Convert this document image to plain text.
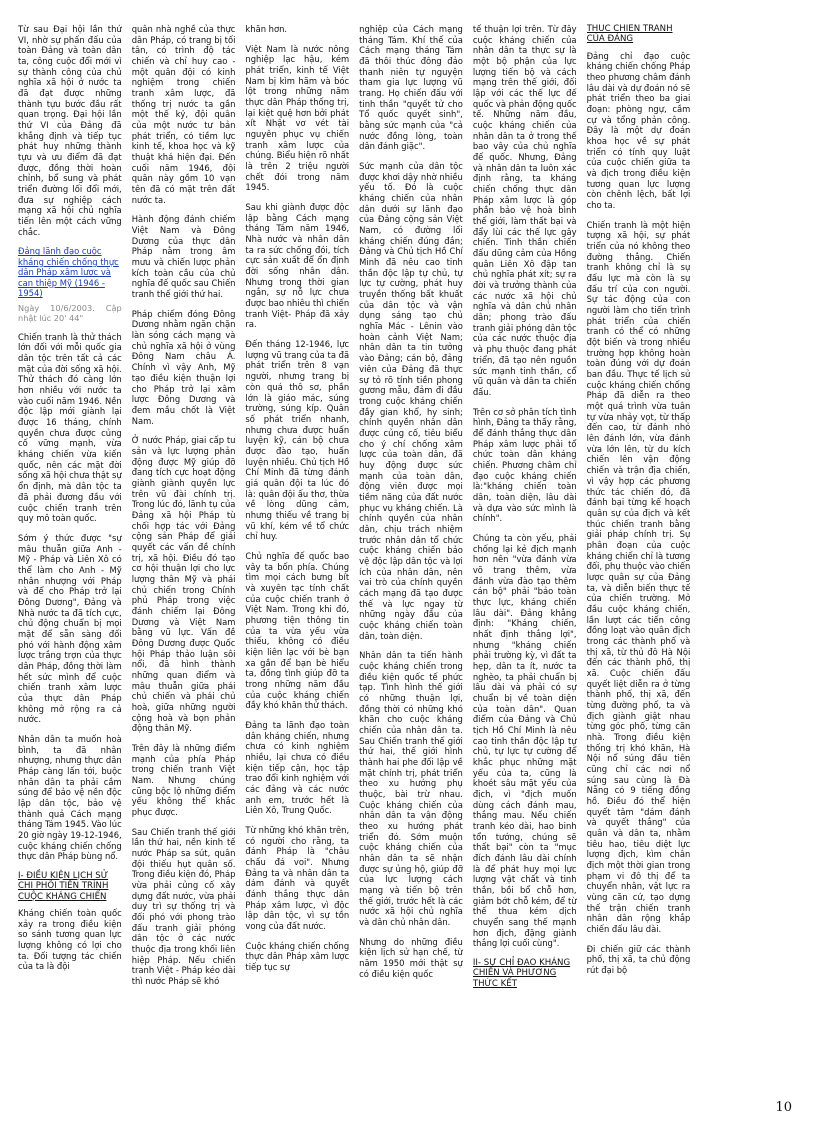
Từ sau Đại hội lần thứ VI, nhờ sự phấn đấu của toàn Đảng và toàn dân ta, công cuộc đổi mới vì sự thành công của chủ nghĩa xã hội ở nước ta đã đạt được những thành tựu bước đầu rất quan trọng. Đại hội lần thứ VI của Đảng đã khẳng định và tiếp tục phát huy những thành tựu và ưu điểm đã đạt được, đồng thời hoàn chỉnh, bổ sung và phát triển đường lối đổi mới, đưa sự nghiệp cách mạng xã hội chủ nghĩa tiến lên một cách vững chắc.

Đảng lãnh đạo cuộc kháng chiến chống thực dân Pháp xâm lược và can thiệp Mỹ (1946 - 1954)
Ngày 10/6/2003. Cập nhật lúc 20' 44"

Chiến tranh là thử thách lớn đối với mỗi quốc gia dân tộc trên tất cả các mặt của đời sống xã hội. Thử thách đó càng lớn hơn nhiều với nước ta vào cuối năm 1946. Nền độc lập mới giành lại được 16 tháng, chính quyền chưa được củng cố vững mạnh, vừa kháng chiến vừa kiến quốc, nên các mặt đời sống xã hội chưa thật sự ổn định, mà dân tộc ta đã phải đương đầu với cuộc chiến tranh trên quy mô toàn quốc.

Sớm ý thức được "sự mâu thuẫn giữa Anh - Mỹ - Pháp và Liên Xô có thể làm cho Anh - Mỹ nhân nhượng với Pháp và để cho Pháp trở lại Đông Dương", Đảng và Nhà nước ta đã tích cực, chủ động chuẩn bị mọi mặt để sẵn sàng đối phó với hành động xâm lược trắng trợn của thực dân Pháp, đồng thời làm hết sức mình để cuộc chiến tranh xâm lược của thực dân Pháp không mở rộng ra cả nước.

Nhân dân ta muốn hoà bình, ta đã nhân nhượng, nhưng thực dân Pháp càng lấn tới, buộc nhân dân ta phải cầm súng để bảo vệ nền độc lập dân tộc, bảo vệ thành quả Cách mạng tháng Tám 1945. Vào lúc 20 giờ ngày 19-12-1946, cuộc kháng chiến chống thực dân Pháp bùng nổ.

I- ĐIỀU KIỆN LỊCH SỬ CHI PHỐI TIẾN TRÌNH CUỘC KHÁNG CHIẾN

Kháng chiến toàn quốc xảy ra trong điều kiện so sánh tương quan lực lượng không có lợi cho ta. Đối tượng tác chiến của ta là đội

quân nhà nghề của thực dân Pháp, có trang bị tối tân, có trình độ tác chiến và chỉ huy cao - một quân đội có kinh nghiệm trong chiến tranh xâm lược, đã thống trị nước ta gần một thế kỷ, đội quân của một nước tư bản phát triển, có tiềm lực kinh tế, khoa học và kỹ thuật khá hiện đại. Đến cuối năm 1946, đội quân này gồm 10 vạn tên đã có mặt trên đất nước ta.

Hành động đánh chiếm Việt Nam và Đông Dương của thực dân Pháp nằm trong âm mưu và chiến lược phản kích toàn cầu của chủ nghĩa đế quốc sau Chiến tranh thế giới thứ hai.

Pháp chiếm đóng Đông Dương nhằm ngăn chặn làn sóng cách mạng và chủ nghĩa xã hội ở vùng Đông Nam châu Á. Chính vì vậy Anh, Mỹ tạo điều kiện thuận lợi cho Pháp trở lại xâm lược Đông Dương và đem mầu chốt là Việt Nam.

Ở nước Pháp, giai cấp tư sản và lực lượng phản động được Mỹ giúp đỡ đang tích cực hoạt động giành giành quyền lực trên vũ đài chính trị. Trong lúc đó, lãnh tụ của Đảng xã hội Pháp từ chối hợp tác với Đảng cộng sản Pháp để giải quyết các vấn đề chính trị, xã hội. Điều đó tạo cơ hội thuận lợi cho lực lượng thân Mỹ và phái chủ chiến trong Chính phủ Pháp trong việc đánh chiếm lại Đông Dương và Việt Nam bằng vũ lực. Vấn đề Đông Dương được Quốc hội Pháp thảo luận sôi nổi, đã hình thành những quan điểm và mâu thuẫn giữa phái chủ chiến và phái chủ hoà, giữa những người cộng hoà và bọn phản động thân Mỹ.

Trên đây là những điểm mạnh của phía Pháp trong chiến tranh Việt Nam. Nhưng chúng cũng bộc lộ những điểm yếu không thể khắc phục được.

Sau Chiến tranh thế giới lần thứ hai, nền kinh tế nước Pháp sa sút, quân đội thiếu hụt quân số. Trong điều kiện đó, Pháp vừa phải củng cố xây dựng đất nước, vừa phải duy trì sự thống trị và đối phó với phong trào đấu tranh giải phóng dân tộc ở các nước thuộc địa trong khối liên hiệp Pháp. Nếu chiến tranh Việt - Pháp kéo dài thì nước Pháp sẽ khó

khăn hơn.

Việt Nam là nước nông nghiệp lạc hậu, kém phát triển, kinh tế Việt Nam bị kìm hãm và bóc lột trong những năm thực dân Pháp thống trị, lại kiệt quệ hơn bởi phát xít Nhật vơ vét tài nguyên phục vụ chiến tranh xâm lược của chúng. Biểu hiện rõ nhất là trên 2 triệu người chết đói trong năm 1945.

Sau khi giành được độc lập bằng Cách mạng tháng Tám năm 1946, Nhà nước và nhân dân ta ra sức chống đói, tích cực sản xuất để ổn định đời sống nhân dân. Nhưng trong thời gian ngắn, sự nỗ lực chưa được bao nhiêu thì chiến tranh Việt- Pháp đã xảy ra.

Đến tháng 12-1946, lực lượng vũ trang của ta đã phát triển trên 8 vạn người, nhưng trang bị còn quá thô sơ, phần lớn là giáo mác, súng trường, súng kíp. Quân số phát triển nhanh, nhưng chưa được huấn luyện kỹ, cán bộ chưa được đào tạo, huấn luyện nhiều. Chủ tịch Hồ Chí Minh đã từng đánh giá quân đội ta lúc đó là: quân đội ấu thơ, thừa về lòng dũng cảm, nhưng thiếu về trang bị vũ khí, kém về tổ chức chỉ huy.

Chủ nghĩa đế quốc bao vây ta bốn phía. Chúng tìm mọi cách bưng bít và xuyên tạc tính chất của cuộc chiến tranh ở Việt Nam. Trong khi đó, phương tiện thông tin của ta vừa yếu vừa thiếu, không có điều kiện liên lạc với bè bạn xa gần để bạn bè hiểu ta, đồng tình giúp đỡ ta trong những năm đầu của cuộc kháng chiến đầy khó khăn thử thách.

Đảng ta lãnh đạo toàn dân kháng chiến, nhưng chưa có kinh nghiệm nhiều, lại chưa có điều kiện tiếp cận, học tập trao đổi kinh nghiệm với các đảng và các nước anh em, trước hết là Liên Xô, Trung Quốc.

Từ những khó khăn trên, có người cho rằng, ta đánh Pháp là "châu chấu đá voi". Nhưng Đảng ta và nhân dân ta dám đánh và quyết đánh thắng thực dân Pháp xâm lược, vì độc lập dân tộc, vì sự tồn vong của đất nước.

Cuộc kháng chiến chống thực dân Pháp xâm lược tiếp tục sự

nghiệp của Cách mạng tháng Tám. Khí thế của Cách mạng tháng Tám đã thôi thúc đông đảo thanh niên tự nguyện tham gia lực lượng vũ trang. Họ chiến đấu với tinh thần "quyết tử cho Tổ quốc quyết sinh", bằng sức mạnh của "cả nước đồng lòng, toàn dân đánh giặc".

Sức mạnh của dân tộc được khơi dậy nhờ nhiều yếu tố. Đó là cuộc kháng chiến của nhân dân dưới sự lãnh đạo của Đảng cộng sản Việt Nam, có đường lối kháng chiến đúng đắn; Đảng và Chủ tịch Hồ Chí Minh đã nêu cao tinh thần độc lập tự chủ, tự lực tự cường, phát huy truyền thống bất khuất của dân tộc và vận dụng sáng tạo chủ nghĩa Mác - Lênin vào hoàn cảnh Việt Nam; nhân dân ta tin tưởng vào Đảng; cán bộ, đảng viên của Đảng đã thực sự tỏ rõ tính tiền phong gương mẫu, đảm đi đầu trong cuộc kháng chiến đầy gian khổ, hy sinh; chính quyền nhân dân được củng cố, tiêu biểu cho ý chí chống xâm lược của toàn dân, đã huy động được sức mạnh của toàn dân, động viên được mọi tiềm năng của đất nước phục vụ kháng chiến. Là chính quyền của nhân dân, chịu trách nhiệm trước nhân dân tổ chức cuộc kháng chiến bảo vệ độc lập dân tộc và lợi ích của nhân dân, nên vai trò của chính quyền cách mạng đã tạo được thế và lực ngay từ những ngày đầu của cuộc kháng chiến toàn dân, toàn diện.

Nhân dân ta tiến hành cuộc kháng chiến trong điều kiện quốc tế phức tạp. Tình hình thế giới có những thuận lợi, đồng thời có những khó khăn cho cuộc kháng chiến của nhân dân ta. Sau Chiến tranh thế giới thứ hai, thế giới hình thành hai phe đối lập về mặt chính trị, phát triển theo xu hướng phụ thuộc, bài trừ nhau. Cuộc kháng chiến của nhân dân ta vận động theo xu hướng phát triển đó. Sớm muộn cuộc kháng chiến của nhân dân ta sẽ nhận được sự ủng hộ, giúp đỡ của lực lượng cách mạng và tiến bộ trên thế giới, trước hết là các nước xã hội chủ nghĩa và dân chủ nhân dân.

Nhưng do những điều kiện lịch sử hạn chế, từ năm 1950 mới thật sự có điều kiện quốc

tế thuận lợi trên. Từ đây cuộc kháng chiến của nhân dân ta thực sự là một bộ phận của lực lượng tiến bộ và cách mạng trên thế giới, đối lập với các thế lực đế quốc và phản động quốc tế. Những năm đầu, cuộc kháng chiến của nhân dân ta ở trong thế bao vây của chủ nghĩa đế quốc. Nhưng, Đảng và nhân dân ta luôn xác định rằng, ta kháng chiến chống thực dân Pháp xâm lược là góp phần bảo vệ hoà bình thế giới, làm thất bại và đẩy lùi các thế lực gây chiến. Tinh thần chiến đấu dũng cảm của Hồng quân Liên Xô đập tan chủ nghĩa phát xít; sự ra đời và trưởng thành của các nước xã hội chủ nghĩa và dân chủ nhân dân; phong trào đấu tranh giải phóng dân tộc của các nước thuộc địa và phụ thuộc đang phát triển, đã tạo nên nguồn sức mạnh tinh thần, cổ vũ quân và dân ta chiến đấu.

Trên cơ sở phân tích tình hình, Đảng ta thấy rằng, để đánh thắng thực dân Pháp xâm lược phải tổ chức toàn dân kháng chiến. Phương châm chỉ đạo cuộc kháng chiến là:"kháng chiến toàn dân, toàn diện, lâu dài và dựa vào sức mình là chính".

Chúng ta còn yếu, phải chống lại kẻ địch mạnh hơn nên "vừa đánh vừa võ trang thêm, vừa đánh vừa đào tạo thêm cán bộ" phải "bảo toàn thực lực, kháng chiến lâu dài". Đảng khẳng định: "Kháng chiến, nhất định thắng lợi", nhưng "kháng chiến phải trường kỳ, vì đất ta hẹp, dân ta ít, nước ta nghèo, ta phải chuẩn bị lâu dài và phải có sự chuẩn bị về toàn diện của toàn dân". Quan điểm của Đảng và Chủ tịch Hồ Chí Minh là nêu cao tinh thần độc lập tự chủ, tự lực tự cường để khắc phục những mặt yếu của ta, cũng là khoét sâu mặt yếu của địch, vì "địch muốn dùng cách đánh mau, thắng mau. Nếu chiến tranh kéo dài, hao binh tổn tướng, chúng sẽ thất bại" còn ta "mục đích đánh lâu dài chính là để phát huy mọi lực lượng vật chất và tinh thần, bồi bổ chỗ hơn, giảm bớt chỗ kém, để từ thế thua kém dịch chuyển sang thế mạnh hơn địch, đặng giành thắng lợi cuối cùng".

II- SỰ CHỈ ĐẠO KHÁNG CHIẾN VÀ PHƯƠNG THỨC KẾT
THÚC CHIẾN TRANH CỦA ĐẢNG

Đảng chỉ đạo cuộc kháng chiến chống Pháp theo phương châm đánh lâu dài và dự đoán nó sẽ phát triển theo ba giai đoạn: phòng ngự, cầm cự và tổng phản công. Đây là một dự đoán khoa học về sự phát triển có tính quy luật của cuộc chiến giữa ta và địch trong điều kiện tương quan lực lượng còn chênh lệch, bất lợi cho ta.

Chiến tranh là một hiện tượng xã hội, sự phát triển của nó không theo đường thẳng. Chiến tranh không chỉ là sự đấu lực mà còn là sự đấu trí của con người. Sự tác động của con người làm cho tiến trình phát triển của chiến tranh có thể có những đột biến và trong nhiều trường hợp không hoàn toàn đúng với dự đoán ban đầu. Thực tế lịch sử cuộc kháng chiến chống Pháp đã diễn ra theo một quá trình vừa tuân tự vừa nhảy vọt, từ thấp đến cao, từ đánh nhỏ lên đánh lớn, vừa đánh vừa lớn lên, từ du kích chiến lên vận động chiến và trận địa chiến, vì vậy hợp các phương thức tác chiến đó, đã đánh bại từng kế hoạch quân sự của địch và kết thúc chiến tranh bằng giải pháp chính trị. Sự phân đoạn của cuộc kháng chiến chỉ là tương đối, phụ thuộc vào chiến lược quân sự của Đảng ta, và diễn biến thực tế của chiến trường. Mở đầu cuộc kháng chiến, lần lượt các tiến công đồng loạt vào quân địch trong các thành phố và thị xã, từ thủ đô Hà Nội đến các thành phố, thị xã. Cuộc chiến đấu quyết liệt diễn ra ở từng thành phố, thị xã, đến từng đường phố, ta và địch giành giật nhau từng góc phố, từng căn nhà. Trong điều kiện thống trị khó khăn, Hà Nội nổ súng đầu tiên cũng chỉ các nơi nổ súng sau cùng là Đà Nẵng có 9 tiếng đồng hồ. Điều đó thể hiện quyết tâm "dám đánh và quyết thắng" của quân và dân ta, nhằm tiêu hao, tiêu diệt lực lượng địch, kìm chân địch một thời gian trong phạm vi đô thị để ta chuyển nhân, vật lực ra vùng căn cứ, tạo dựng thế trận chiến tranh nhân dân rộng khắp chiến đấu lâu dài.

Đi chiến giữ các thành phố, thị xã, ta chủ động rút đại bộ

10
